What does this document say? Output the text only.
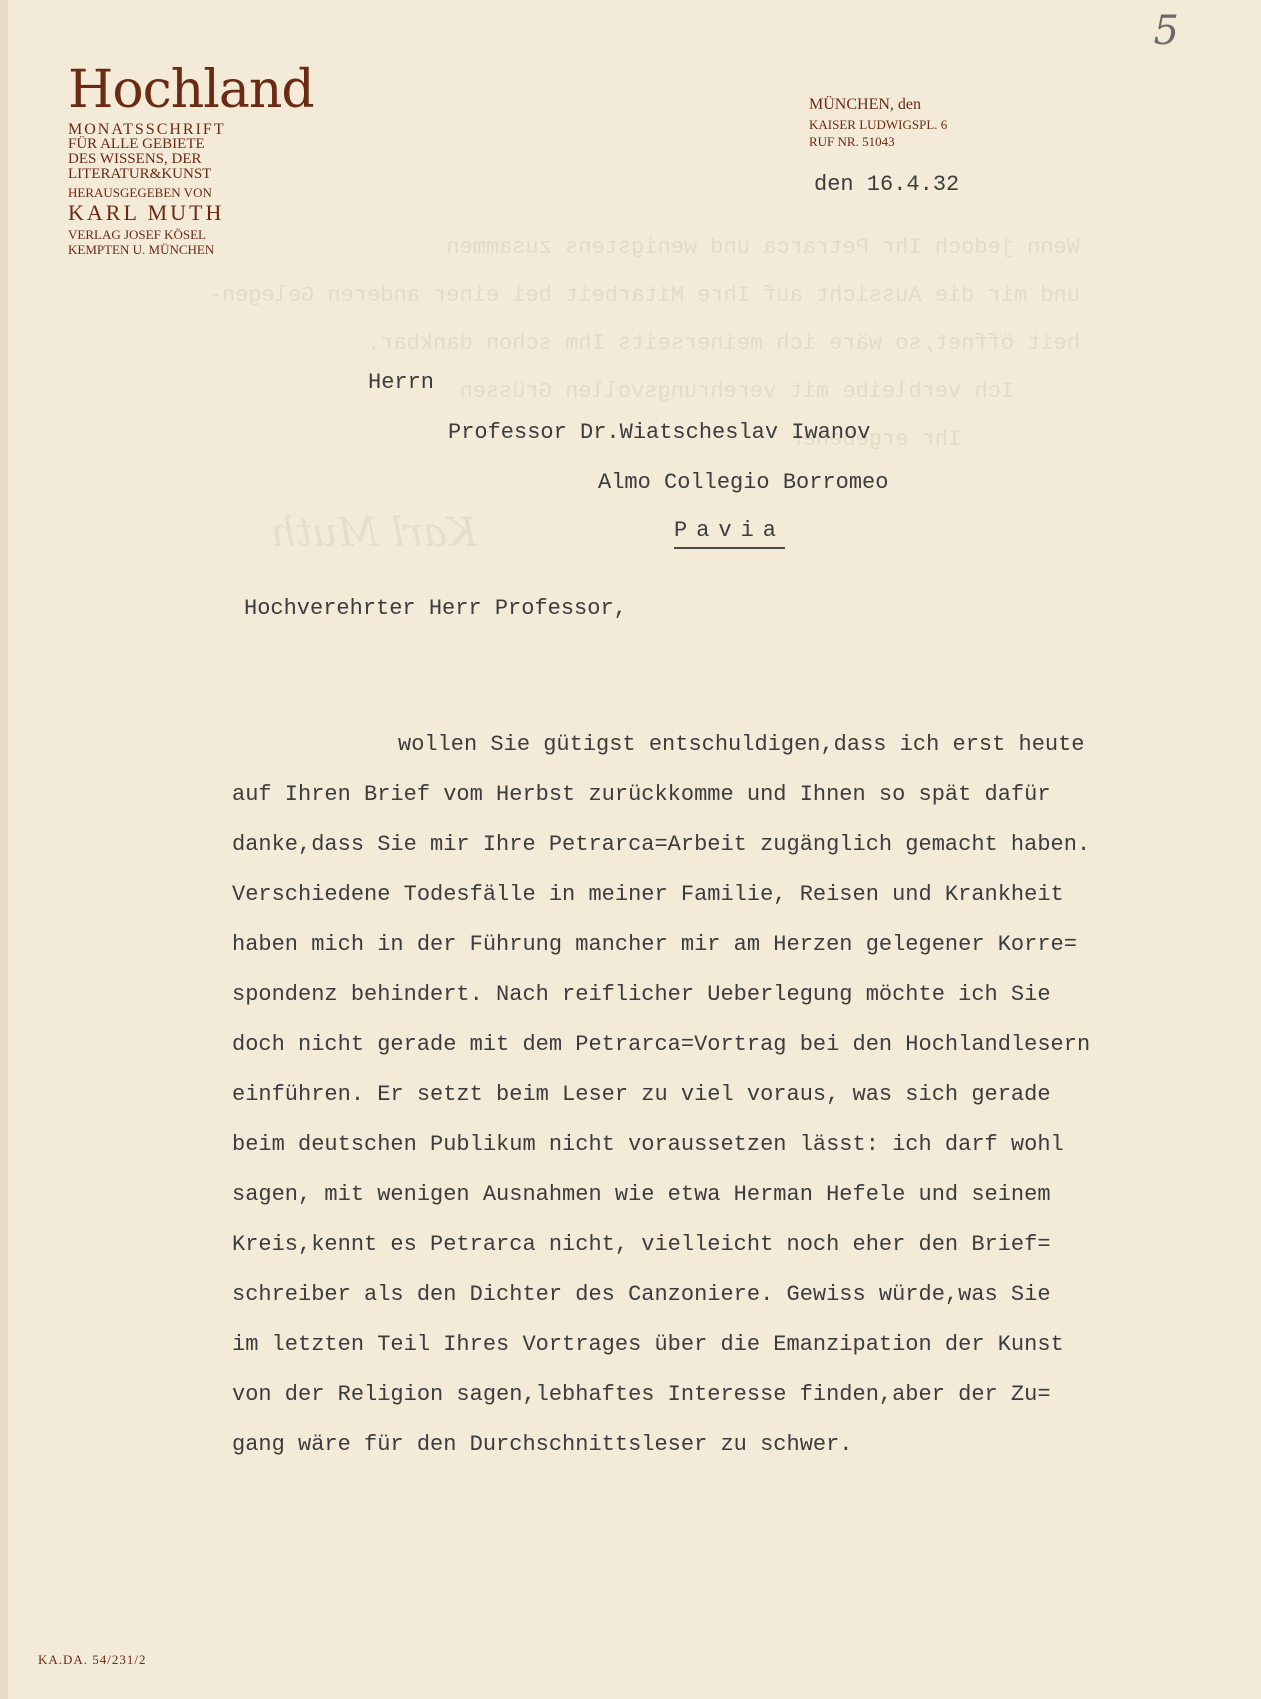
Wenn jedoch Ihr Petrarca und wenigstens zusammen
und mir die Aussicht auf Ihre Mitarbeit bei einer anderen Gelegen-
heit öffnet,so wäre ich meinerseits Ihm schon dankbar.
Ich verbleibe mit verehrungsvollen Grüssen
Ihr ergebener
Karl Muth
5
Hochland
MONATSSCHRIFT
FÜR ALLE GEBIETE
DES WISSENS, DER
LITERATUR&KUNST
HERAUSGEGEBEN VON
KARL MUTH
VERLAG JOSEF KÖSEL
KEMPTEN U. MÜNCHEN
MÜNCHEN, den
KAISER LUDWIGSPL. 6
RUF NR. 51043
den 16.4.32
Herrn
Professor Dr.Wiatscheslav Iwanov
Almo Collegio Borromeo
Pavia
Hochverehrter Herr Professor,
wollen Sie gütigst entschuldigen,dass ich erst heute
auf Ihren Brief vom Herbst zurückkomme und Ihnen so spät dafür
danke,dass Sie mir Ihre Petrarca=Arbeit zugänglich gemacht haben.
Verschiedene Todesfälle in meiner Familie, Reisen und Krankheit
haben mich in der Führung mancher mir am Herzen gelegener Korre=
spondenz behindert. Nach reiflicher Ueberlegung möchte ich Sie
doch nicht gerade mit dem Petrarca=Vortrag bei den Hochlandlesern
einführen. Er setzt beim Leser zu viel voraus, was sich gerade
beim deutschen Publikum nicht voraussetzen lässt: ich darf wohl
sagen, mit wenigen Ausnahmen wie etwa Herman Hefele und seinem
Kreis,kennt es Petrarca nicht, vielleicht noch eher den Brief=
schreiber als den Dichter des Canzoniere. Gewiss würde,was Sie
im letzten Teil Ihres Vortrages über die Emanzipation der Kunst
von der Religion sagen,lebhaftes Interesse finden,aber der Zu=
gang wäre für den Durchschnittsleser zu schwer.
KA.DA. 54/231/2
